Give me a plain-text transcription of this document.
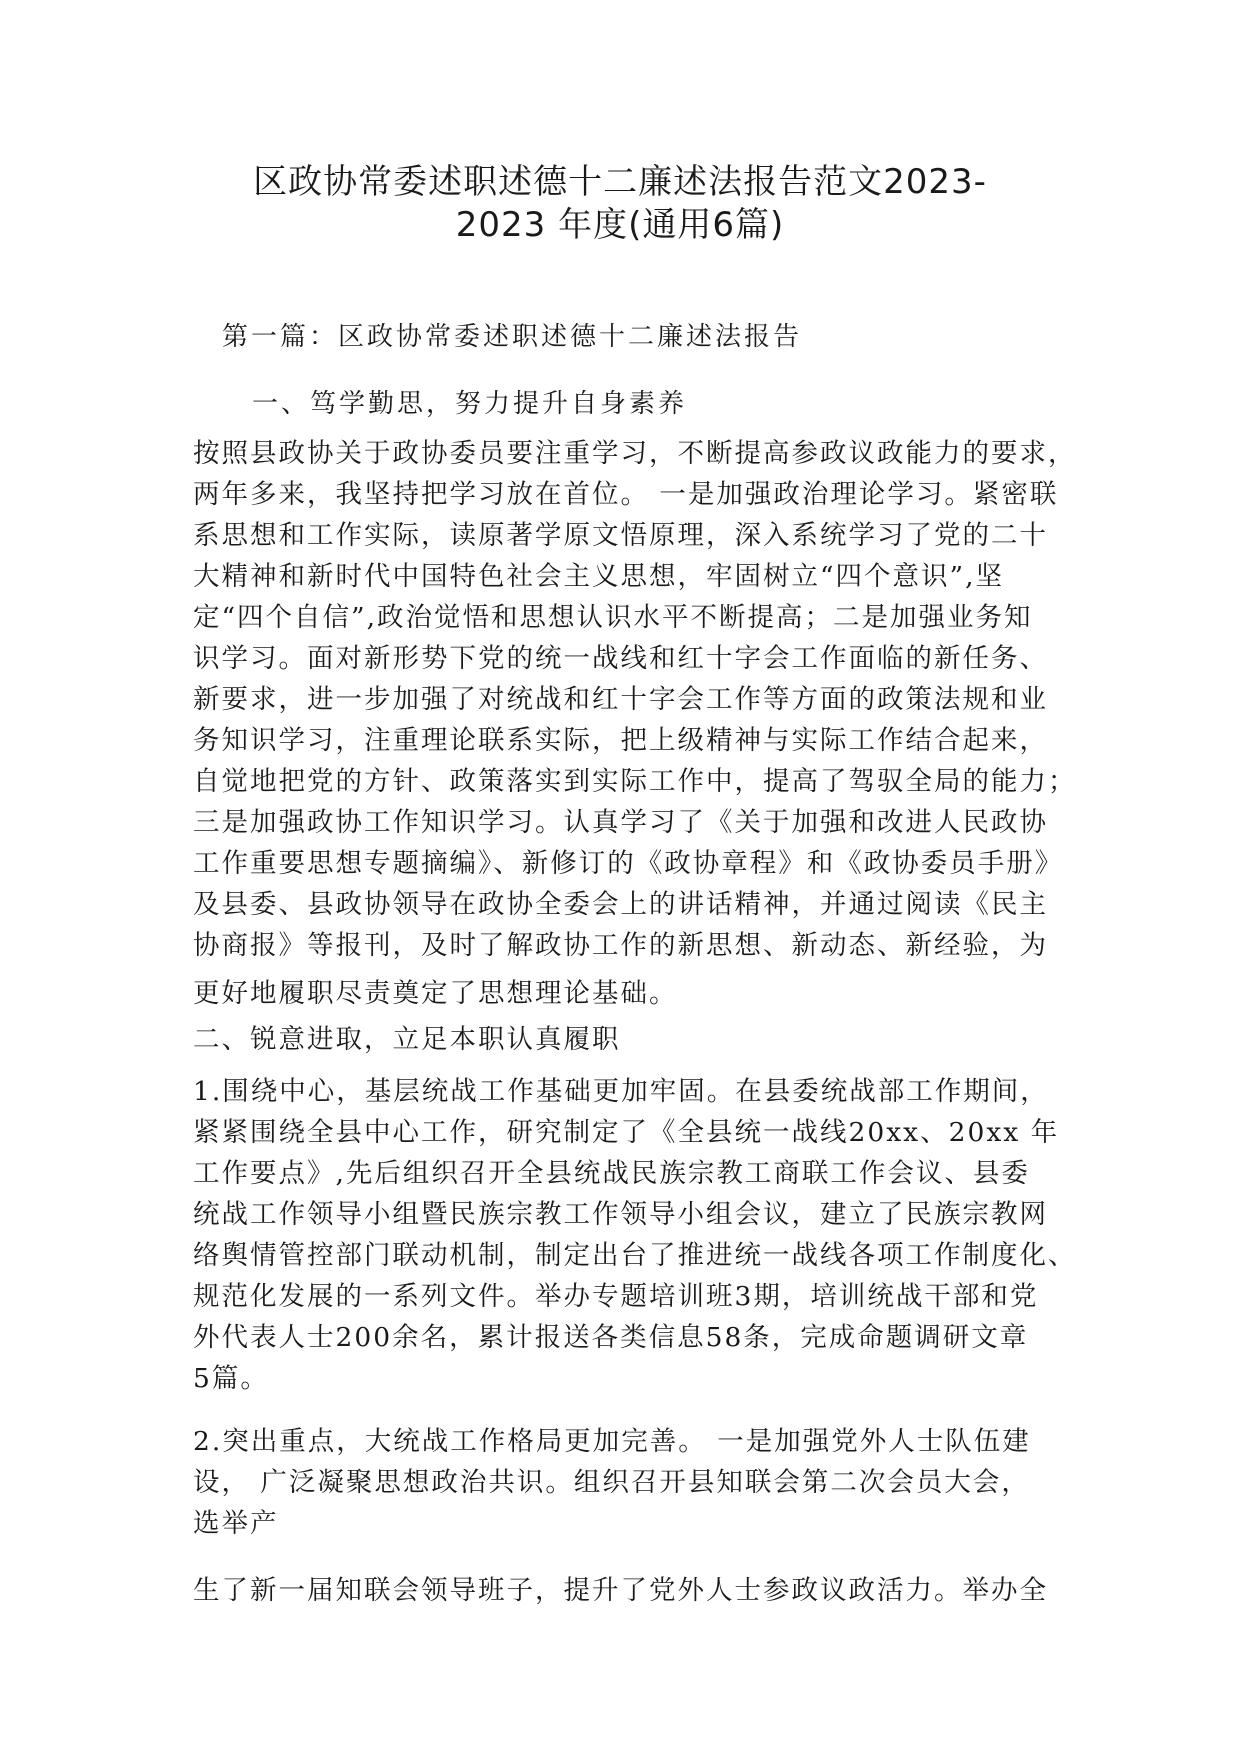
区政协常委述职述德十二廉述法报告范文2023-
2023 年度(通用6篇)
第一篇：区政协常委述职述德十二廉述法报告
一、笃学勤思，努力提升自身素养
按照县政协关于政协委员要注重学习，不断提高参政议政能力的要求，
两年多来，我坚持把学习放在首位。 一是加强政治理论学习。紧密联
系思想和工作实际，读原著学原文悟原理，深入系统学习了党的二十
大精神和新时代中国特色社会主义思想，牢固树立“四个意识”,坚
定“四个自信”,政治觉悟和思想认识水平不断提高；二是加强业务知
识学习。面对新形势下党的统一战线和红十字会工作面临的新任务、
新要求，进一步加强了对统战和红十字会工作等方面的政策法规和业
务知识学习，注重理论联系实际，把上级精神与实际工作结合起来，
自觉地把党的方针、政策落实到实际工作中，提高了驾驭全局的能力；
三是加强政协工作知识学习。认真学习了《关于加强和改进人民政协
工作重要思想专题摘编》、新修订的《政协章程》和《政协委员手册》
及县委、县政协领导在政协全委会上的讲话精神，并通过阅读《民主
协商报》等报刊，及时了解政协工作的新思想、新动态、新经验，为
更好地履职尽责奠定了思想理论基础。
二、锐意进取，立足本职认真履职
1.围绕中心，基层统战工作基础更加牢固。在县委统战部工作期间，
紧紧围绕全县中心工作，研究制定了《全县统一战线20xx、20xx 年
工作要点》,先后组织召开全县统战民族宗教工商联工作会议、县委
统战工作领导小组暨民族宗教工作领导小组会议，建立了民族宗教网
络舆情管控部门联动机制，制定出台了推进统一战线各项工作制度化、
规范化发展的一系列文件。举办专题培训班3期，培训统战干部和党
外代表人士200余名，累计报送各类信息58条，完成命题调研文章
5篇。
2.突出重点，大统战工作格局更加完善。 一是加强党外人士队伍建
设， 广泛凝聚思想政治共识。组织召开县知联会第二次会员大会，
选举产
生了新一届知联会领导班子，提升了党外人士参政议政活力。举办全
